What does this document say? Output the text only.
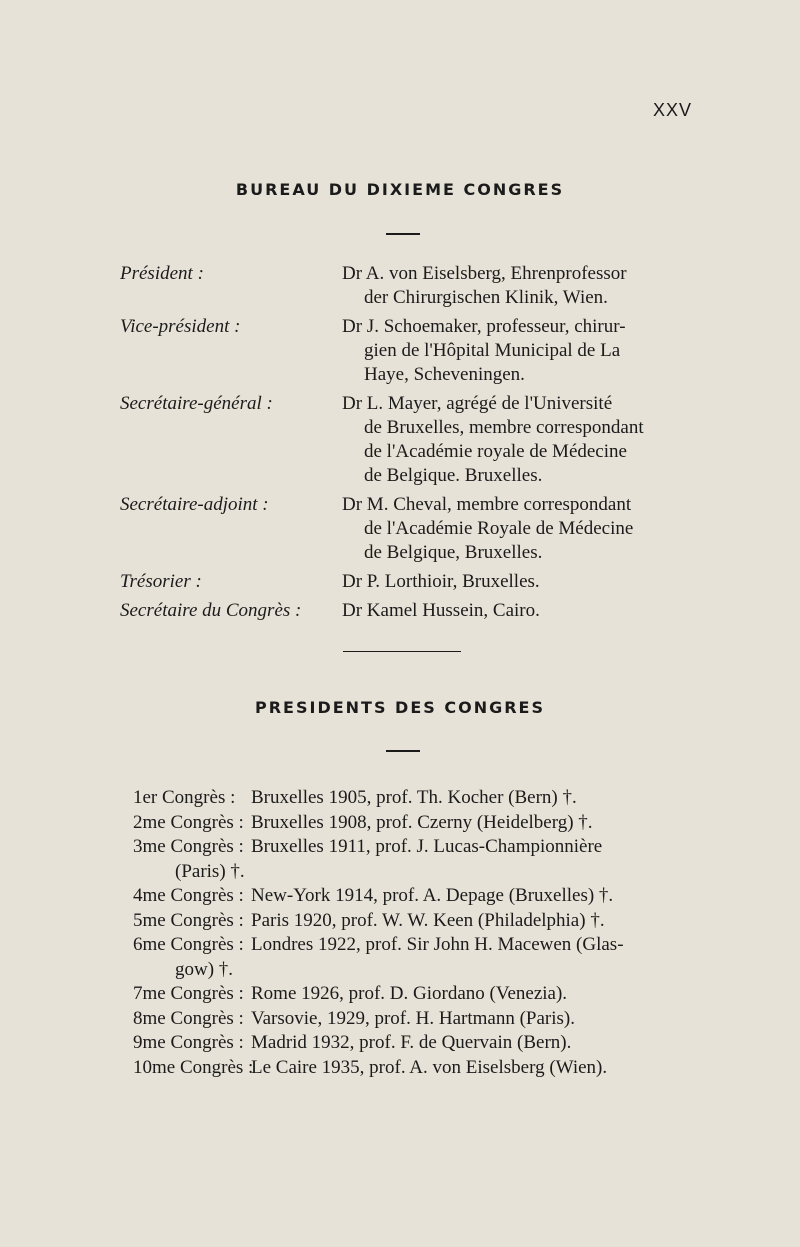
XXV
BUREAU DU DIXIEME CONGRES
Président :	Dr A. von Eiselsberg, Ehrenprofessor
der Chirurgischen Klinik, Wien.
Vice-président :	Dr J. Schoemaker, professeur, chirur-
gien de l'Hôpital Municipal de La
Haye, Scheveningen.
Secrétaire-général :	Dr L. Mayer, agrégé de l'Université
de Bruxelles, membre correspondant
de l'Académie royale de Médecine
de Belgique. Bruxelles.
Secrétaire-adjoint :	Dr M. Cheval, membre correspondant
de l'Académie Royale de Médecine
de Belgique, Bruxelles.
Trésorier :	Dr P. Lorthioir, Bruxelles.
Secrétaire du Congrès :	Dr Kamel Hussein, Cairo.
PRESIDENTS DES CONGRES
1er Congrès : Bruxelles 1905, prof. Th. Kocher (Bern) †.
2me Congrès : Bruxelles 1908, prof. Czerny (Heidelberg) †.
3me Congrès : Bruxelles 1911, prof. J. Lucas-Championnière
(Paris) †.
4me Congrès : New-York 1914, prof. A. Depage (Bruxelles) †.
5me Congrès : Paris 1920, prof. W. W. Keen (Philadelphia) †.
6me Congrès : Londres 1922, prof. Sir John H. Macewen (Glas-
gow) †.
7me Congrès : Rome 1926, prof. D. Giordano (Venezia).
8me Congrès : Varsovie, 1929, prof. H. Hartmann (Paris).
9me Congrès : Madrid 1932, prof. F. de Quervain (Bern).
10me Congrès :Le Caire 1935, prof. A. von Eiselsberg (Wien).
